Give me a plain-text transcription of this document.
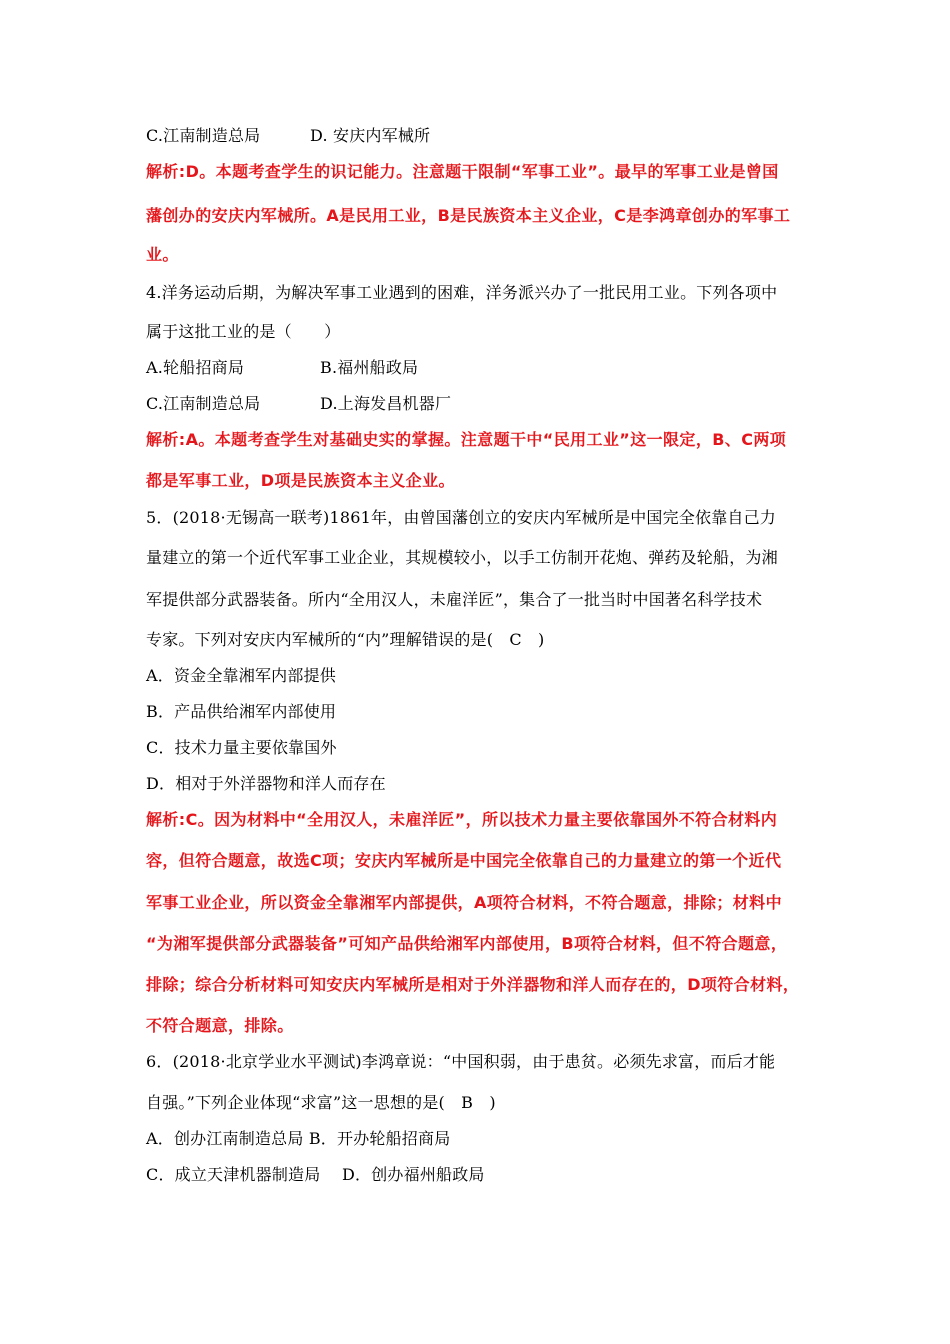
C.江南制造总局	D. 安庆内军械所
解析:D。本题考查学生的识记能力。注意题干限制“军事工业”。最早的军事工业是曾国
藩创办的安庆内军械所。A是民用工业，B是民族资本主义企业，C是李鸿章创办的军事工
业。
4.洋务运动后期，为解决军事工业遇到的困难，洋务派兴办了一批民用工业。下列各项中
属于这批工业的是（　　）
A.轮船招商局	B.福州船政局
C.江南制造总局	D.上海发昌机器厂
解析:A。本题考查学生对基础史实的掌握。注意题干中“民用工业”这一限定，B、C两项
都是军事工业，D项是民族资本主义企业。
5．(2018·无锡高一联考)1861年，由曾国藩创立的安庆内军械所是中国完全依靠自己力
量建立的第一个近代军事工业企业，其规模较小，以手工仿制开花炮、弹药及轮船，为湘
军提供部分武器装备。所内“全用汉人，未雇洋匠”，集合了一批当时中国著名科学技术
专家。下列对安庆内军械所的“内”理解错误的是(　C　)
A．资金全靠湘军内部提供
B．产品供给湘军内部使用
C．技术力量主要依靠国外
D．相对于外洋器物和洋人而存在
解析:C。因为材料中“全用汉人，未雇洋匠”，所以技术力量主要依靠国外不符合材料内
容，但符合题意，故选C项；安庆内军械所是中国完全依靠自己的力量建立的第一个近代
军事工业企业，所以资金全靠湘军内部提供，A项符合材料，不符合题意，排除；材料中
“为湘军提供部分武器装备”可知产品供给湘军内部使用，B项符合材料，但不符合题意，
排除；综合分析材料可知安庆内军械所是相对于外洋器物和洋人而存在的，D项符合材料，
不符合题意，排除。
6．(2018·北京学业水平测试)李鸿章说：“中国积弱，由于患贫。必须先求富，而后才能
自强。”下列企业体现“求富”这一思想的是(　B　)
A．创办江南制造总局 B．开办轮船招商局
C．成立天津机器制造局 D．创办福州船政局
